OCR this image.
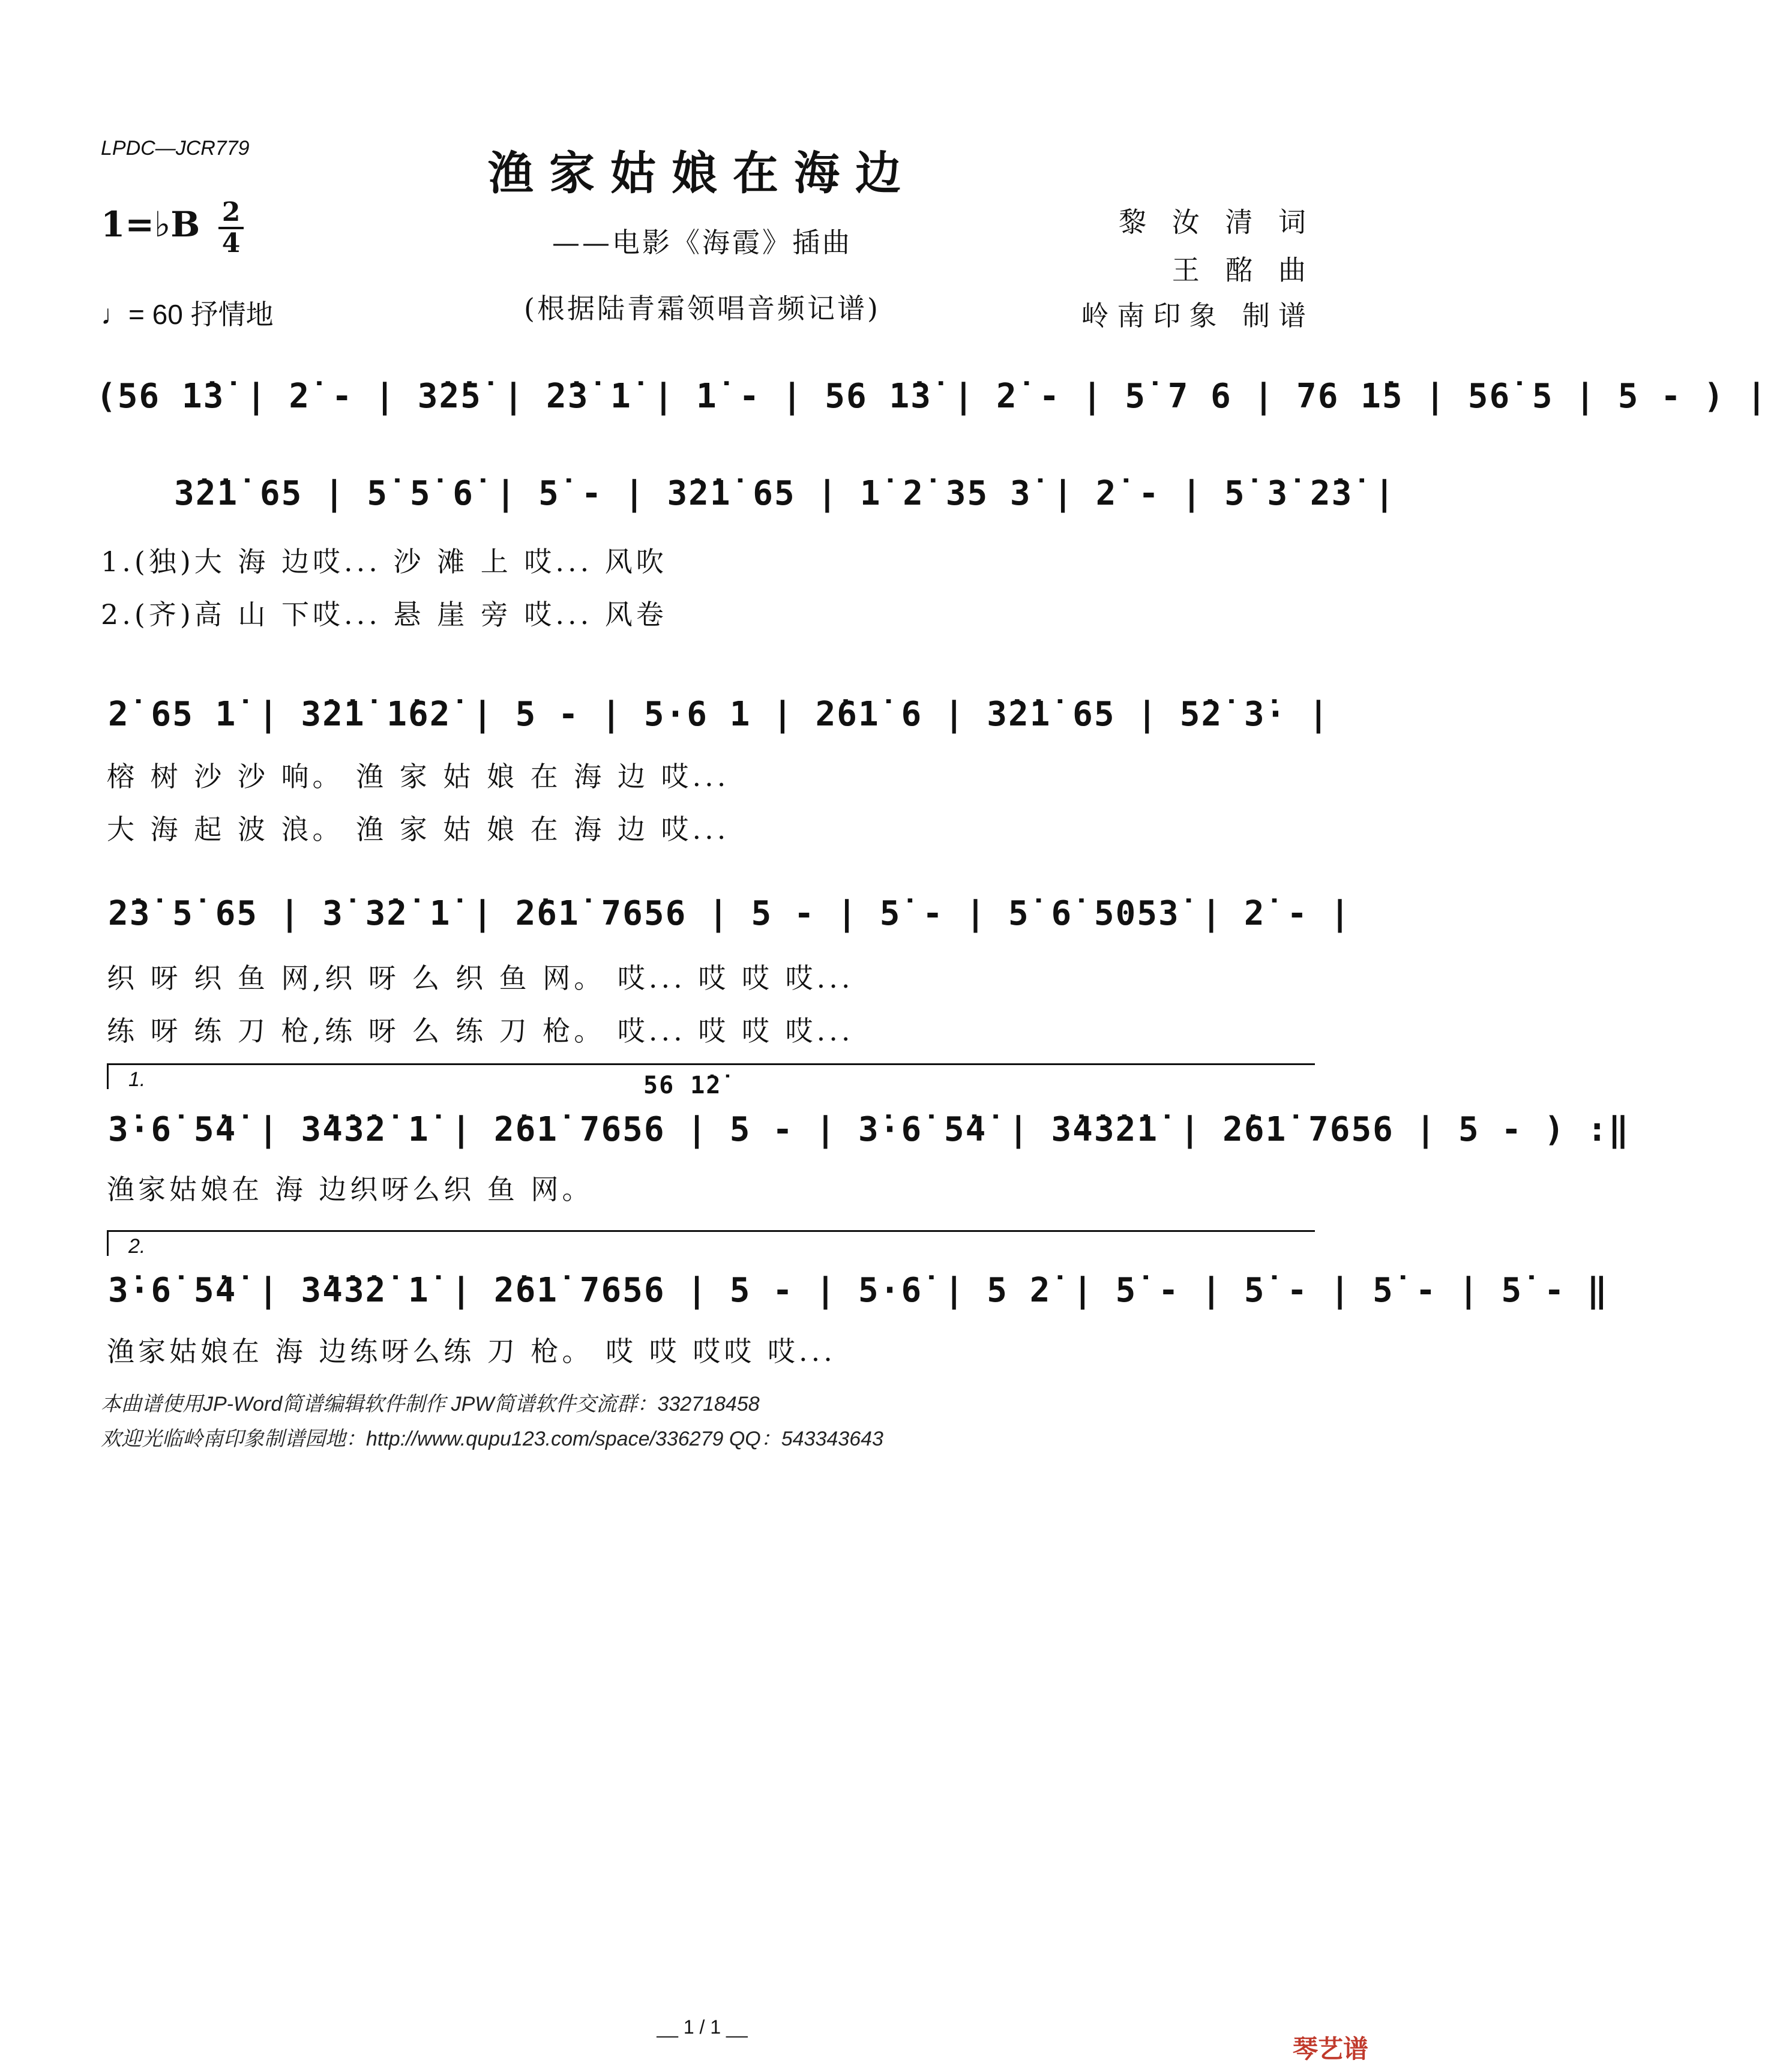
LPDC—JCR779	渔家姑娘在海边
1=♭B 2
4
♩= 60 抒情地
——电影《海霞》插曲
(根据陆青霜领唱音频记谱)
黎 汝 清 词
王 酩 曲
岭南印象 制谱
(56 1̇3̇ | 2̇ - | 3̇2̇5̇ | 2̇3̇ 1̇ | 1̇ - | 56 1̇3̇ | 2̇ - | 5̇ 7 6 | 76 1̇5 | 56̇ 5 | 5 - ) |
3̇2̇1̇ 65 | 5̇ 5̇ 6̇ | 5̇ - | 3̇2̇1̇ 65 | 1̇ 2̇ 35 3̇ | 2̇ - | 5̇ 3̇ 2̇3̇ |
1.(独)大 海 边哎... 沙 滩 上 哎... 风吹
2.(齐)高 山 下哎... 悬 崖 旁 哎... 风卷
2̇ 65 1̇ | 3̇2̇1̇ 1̇62̇ | 5 - | 5·6 1 | 2̇61̇ 6 | 3̇2̇1̇ 65 | 5̇2̇ 3̇· |
榕 树 沙 沙 响。 渔 家 姑 娘 在 海 边 哎...
大 海 起 波 浪。 渔 家 姑 娘 在 海 边 哎...
2̇3̇ 5̇ 65 | 3̇ 3̇2̇ 1̇ | 2̇61̇ 7656 | 5 - | 5̇ - | 5̇ 6̇ 5053̇ | 2̇ - |
织 呀 织 鱼 网,织 呀 么 织 鱼 网。 哎... 哎 哎 哎...
练 呀 练 刀 枪,练 呀 么 练 刀 枪。 哎... 哎 哎 哎...
1.	56 1̇2̇
3̇·6̇ 5̇4̇ | 3̇4̇3̇2̇ 1̇ | 2̇61̇ 7656 | 5 - | 3̇·6̇ 5̇4̇ | 3̇4̇3̇2̇1̇ | 2̇61̇ 7656 | 5 - ) :‖
渔家姑娘在 海 边织呀么织 鱼 网。
2.
3̇·6̇ 5̇4̇ | 3̇4̇3̇2̇ 1̇ | 2̇61̇ 7656 | 5 - | 5·6̇ | 5 2̇ | 5̇ - | 5̇ - | 5̇ - | 5̇ - ‖
渔家姑娘在 海 边练呀么练 刀 枪。 哎 哎 哎哎 哎...
本曲谱使用JP-Word简谱编辑软件制作 JPW简谱软件交流群：332718458
欢迎光临岭南印象制谱园地：http://www.qupu123.com/space/336279 QQ：543343643
__ 1 / 1 __
琴艺谱
